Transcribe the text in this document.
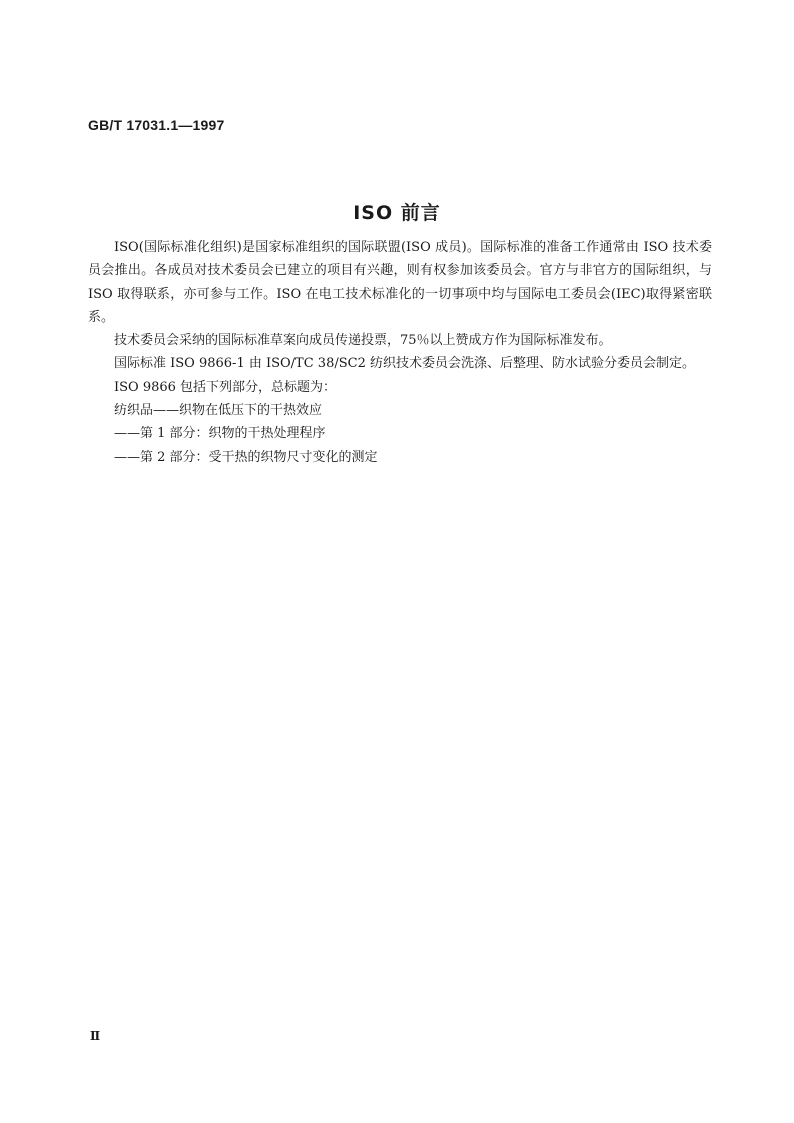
GB/T 17031.1—1997
ISO 前言

ISO(国际标准化组织)是国家标准组织的国际联盟(ISO 成员)。国际标准的准备工作通常由 ISO 技术委员会推出。各成员对技术委员会已建立的项目有兴趣，则有权参加该委员会。官方与非官方的国际组织，与 ISO 取得联系，亦可参与工作。ISO 在电工技术标准化的一切事项中均与国际电工委员会(IEC)取得紧密联系。

技术委员会采纳的国际标准草案向成员传递投票，75％以上赞成方作为国际标准发布。

国际标准 ISO 9866-1 由 ISO/TC 38/SC2 纺织技术委员会洗涤、后整理、防水试验分委员会制定。

ISO 9866 包括下列部分，总标题为：

纺织品——织物在低压下的干热效应

——第 1 部分：织物的干热处理程序

——第 2 部分：受干热的织物尺寸变化的测定

Ⅱ
